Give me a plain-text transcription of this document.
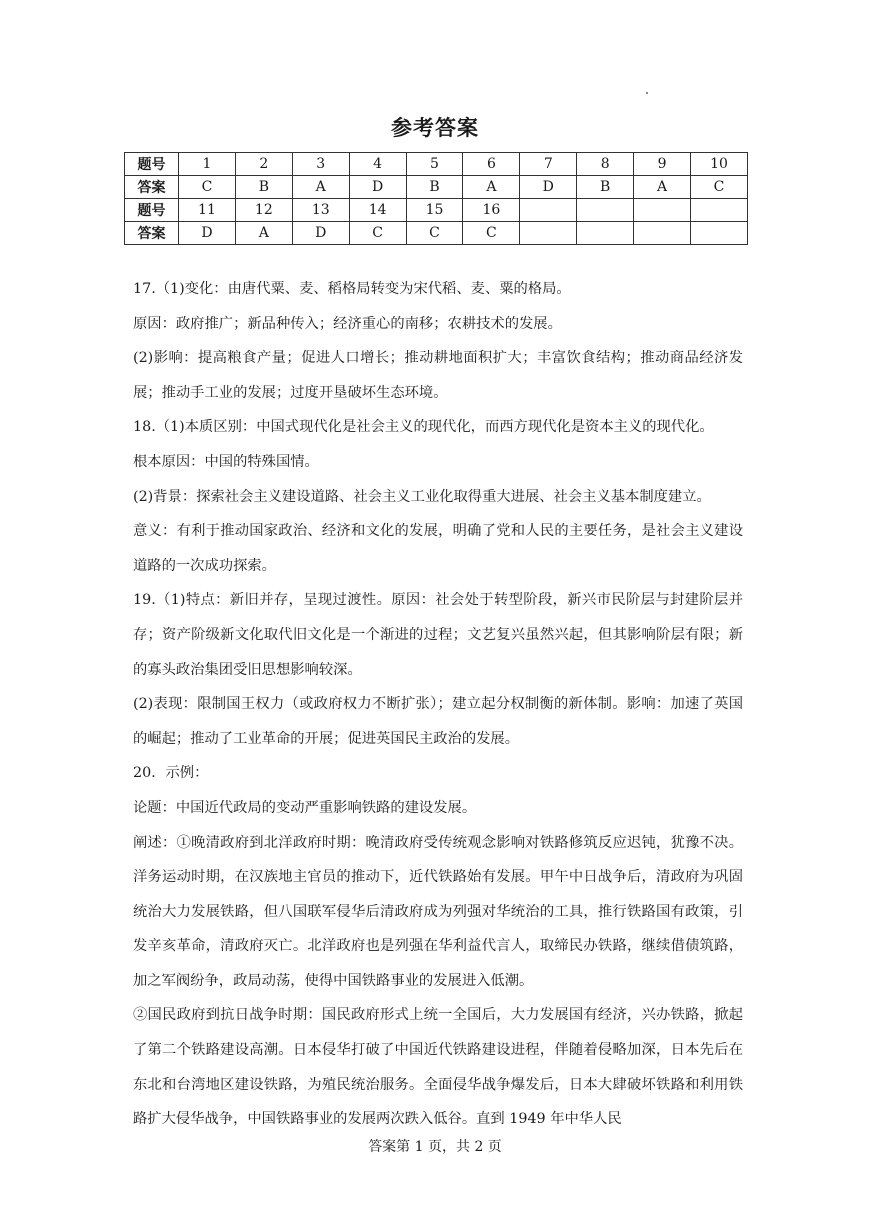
参考答案
题号	1	2	3	4	5	6	7	8	9	10
答案	C	B	A	D	B	A	D	B	A	C
题号	11	12	13	14	15	16				
答案	D	A	D	C	C	C				

17.（1)变化：由唐代粟、麦、稻格局转变为宋代稻、麦、粟的格局。

原因：政府推广；新品种传入；经济重心的南移；农耕技术的发展。

(2)影响：提高粮食产量；促进人口增长；推动耕地面积扩大；丰富饮食结构；推动商品经济发展；推动手工业的发展；过度开垦破坏生态环境。

18.（1)本质区别：中国式现代化是社会主义的现代化，而西方现代化是资本主义的现代化。

根本原因：中国的特殊国情。

(2)背景：探索社会主义建设道路、社会主义工业化取得重大进展、社会主义基本制度建立。

意义：有利于推动国家政治、经济和文化的发展，明确了党和人民的主要任务，是社会主义建设道路的一次成功探索。

19.（1)特点：新旧并存，呈现过渡性。原因：社会处于转型阶段，新兴市民阶层与封建阶层并存；资产阶级新文化取代旧文化是一个渐进的过程；文艺复兴虽然兴起，但其影响阶层有限；新的寡头政治集团受旧思想影响较深。

(2)表现：限制国王权力（或政府权力不断扩张）；建立起分权制衡的新体制。影响：加速了英国的崛起；推动了工业革命的开展；促进英国民主政治的发展。

20．示例：

论题：中国近代政局的变动严重影响铁路的建设发展。

阐述：①晚清政府到北洋政府时期：晚清政府受传统观念影响对铁路修筑反应迟钝，犹豫不决。洋务运动时期，在汉族地主官员的推动下，近代铁路始有发展。甲午中日战争后，清政府为巩固统治大力发展铁路，但八国联军侵华后清政府成为列强对华统治的工具，推行铁路国有政策，引发辛亥革命，清政府灭亡。北洋政府也是列强在华利益代言人，取缔民办铁路，继续借债筑路，加之军阀纷争，政局动荡，使得中国铁路事业的发展进入低潮。

②国民政府到抗日战争时期：国民政府形式上统一全国后，大力发展国有经济，兴办铁路，掀起了第二个铁路建设高潮。日本侵华打破了中国近代铁路建设进程，伴随着侵略加深，日本先后在东北和台湾地区建设铁路，为殖民统治服务。全面侵华战争爆发后，日本大肆破坏铁路和利用铁路扩大侵华战争，中国铁路事业的发展两次跌入低谷。直到 1949 年中华人民

答案第 1 页，共 2 页
